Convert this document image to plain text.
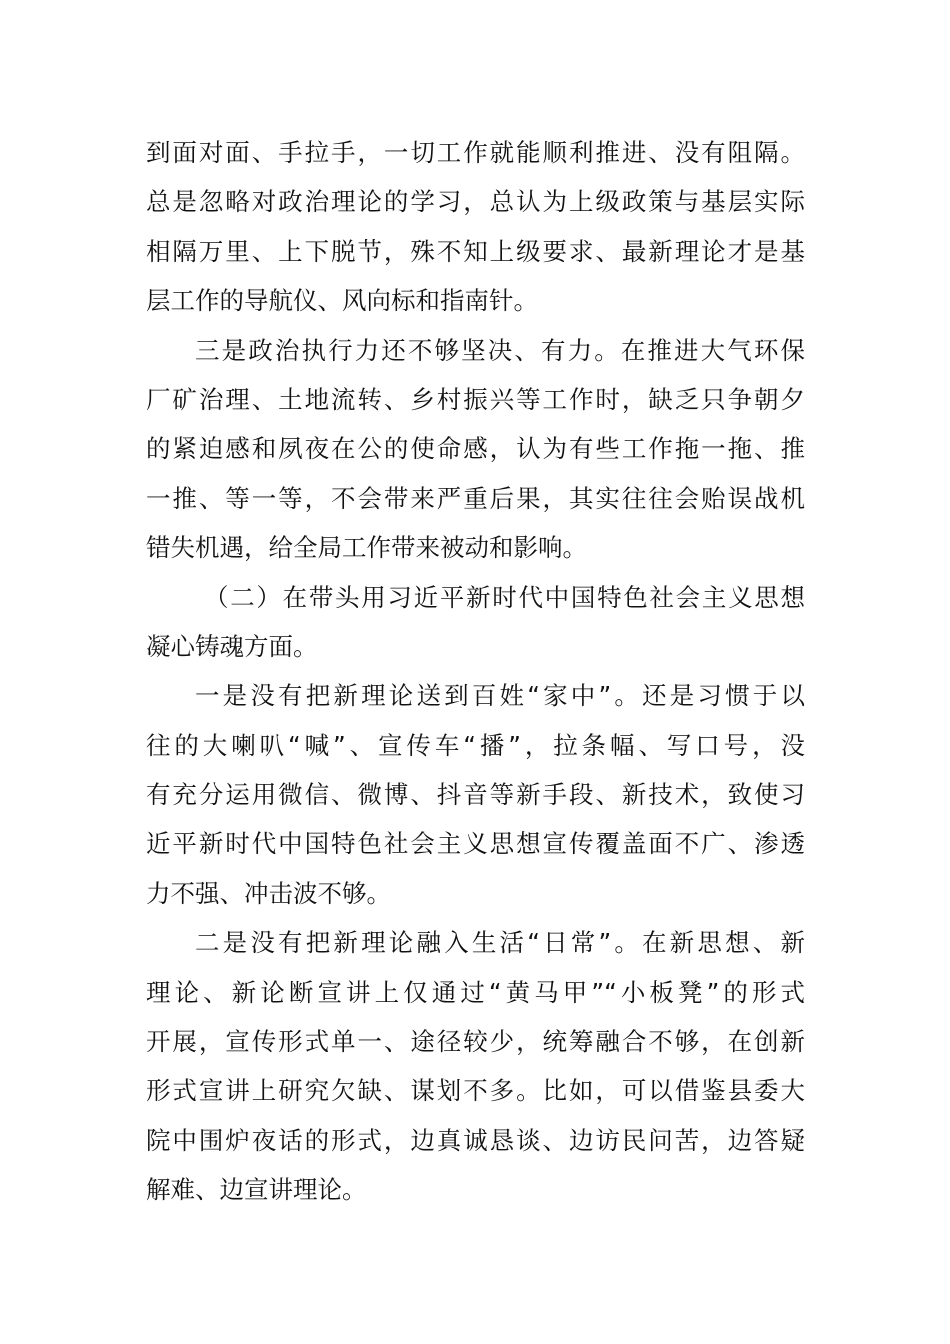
到面对面、手拉手，一切工作就能顺利推进、没有阻隔。
总是忽略对政治理论的学习，总认为上级政策与基层实际
相隔万里、上下脱节，殊不知上级要求、最新理论才是基
层工作的导航仪、风向标和指南针。
三是政治执行力还不够坚决、有力。在推进大气环保
厂矿治理、土地流转、乡村振兴等工作时，缺乏只争朝夕
的紧迫感和夙夜在公的使命感，认为有些工作拖一拖、推
一推、等一等，不会带来严重后果，其实往往会贻误战机
错失机遇，给全局工作带来被动和影响。
（二）在带头用习近平新时代中国特色社会主义思想
凝心铸魂方面。
一是没有把新理论送到百姓“家中”。还是习惯于以
往的大喇叭“喊”、宣传车“播”，拉条幅、写口号，没
有充分运用微信、微博、抖音等新手段、新技术，致使习
近平新时代中国特色社会主义思想宣传覆盖面不广、渗透
力不强、冲击波不够。
二是没有把新理论融入生活“日常”。在新思想、新
理论、新论断宣讲上仅通过“黄马甲”“小板凳”的形式
开展，宣传形式单一、途径较少，统筹融合不够，在创新
形式宣讲上研究欠缺、谋划不多。比如，可以借鉴县委大
院中围炉夜话的形式，边真诚恳谈、边访民问苦，边答疑
解难、边宣讲理论。
